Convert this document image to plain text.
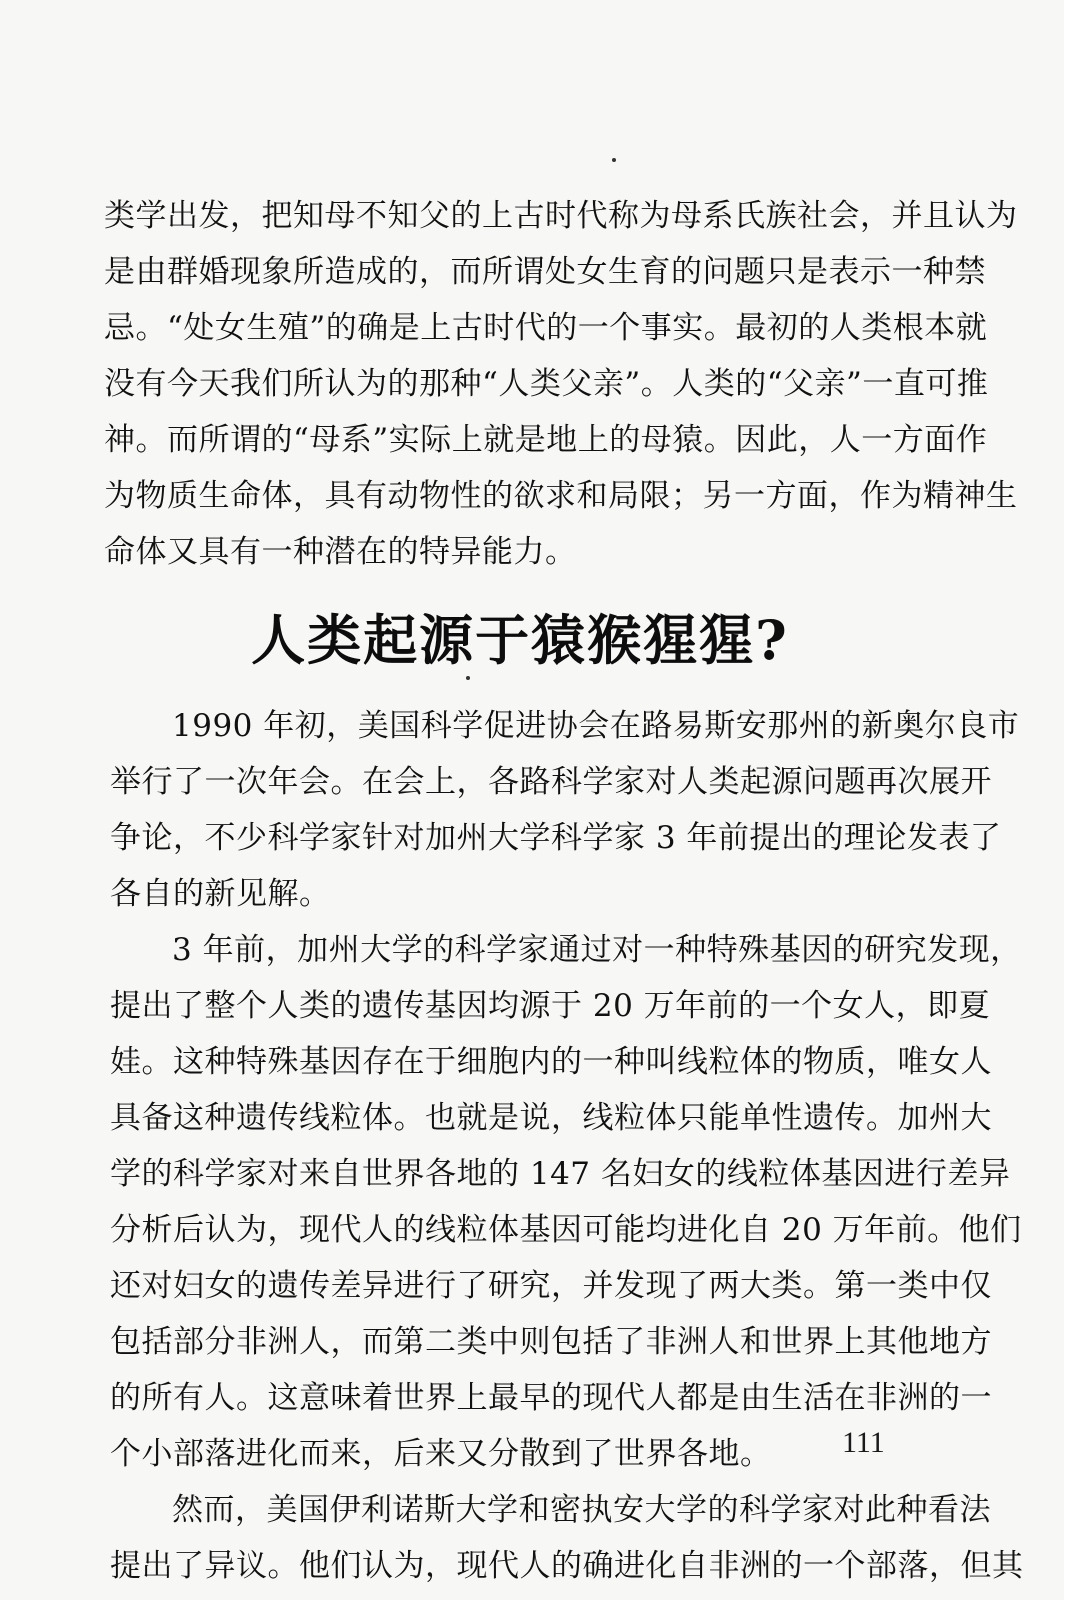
类学出发，把知母不知父的上古时代称为母系氏族社会，并且认为
是由群婚现象所造成的，而所谓处女生育的问题只是表示一种禁
忌。“处女生殖”的确是上古时代的一个事实。最初的人类根本就
没有今天我们所认为的那种“人类父亲”。人类的“父亲”一直可推
神。而所谓的“母系”实际上就是地上的母猿。因此，人一方面作
为物质生命体，具有动物性的欲求和局限；另一方面，作为精神生
命体又具有一种潜在的特异能力。
人类起源于猿猴猩猩?
1990 年初，美国科学促进协会在路易斯安那州的新奥尔良市
举行了一次年会。在会上，各路科学家对人类起源问题再次展开
争论，不少科学家针对加州大学科学家 3 年前提出的理论发表了
各自的新见解。
3 年前，加州大学的科学家通过对一种特殊基因的研究发现，
提出了整个人类的遗传基因均源于 20 万年前的一个女人，即夏
娃。这种特殊基因存在于细胞内的一种叫线粒体的物质，唯女人
具备这种遗传线粒体。也就是说，线粒体只能单性遗传。加州大
学的科学家对来自世界各地的 147 名妇女的线粒体基因进行差异
分析后认为，现代人的线粒体基因可能均进化自 20 万年前。他们
还对妇女的遗传差异进行了研究，并发现了两大类。第一类中仅
包括部分非洲人，而第二类中则包括了非洲人和世界上其他地方
的所有人。这意味着世界上最早的现代人都是由生活在非洲的一
个小部落进化而来，后来又分散到了世界各地。
然而，美国伊利诺斯大学和密执安大学的科学家对此种看法
提出了异议。他们认为，现代人的确进化自非洲的一个部落，但其
111
